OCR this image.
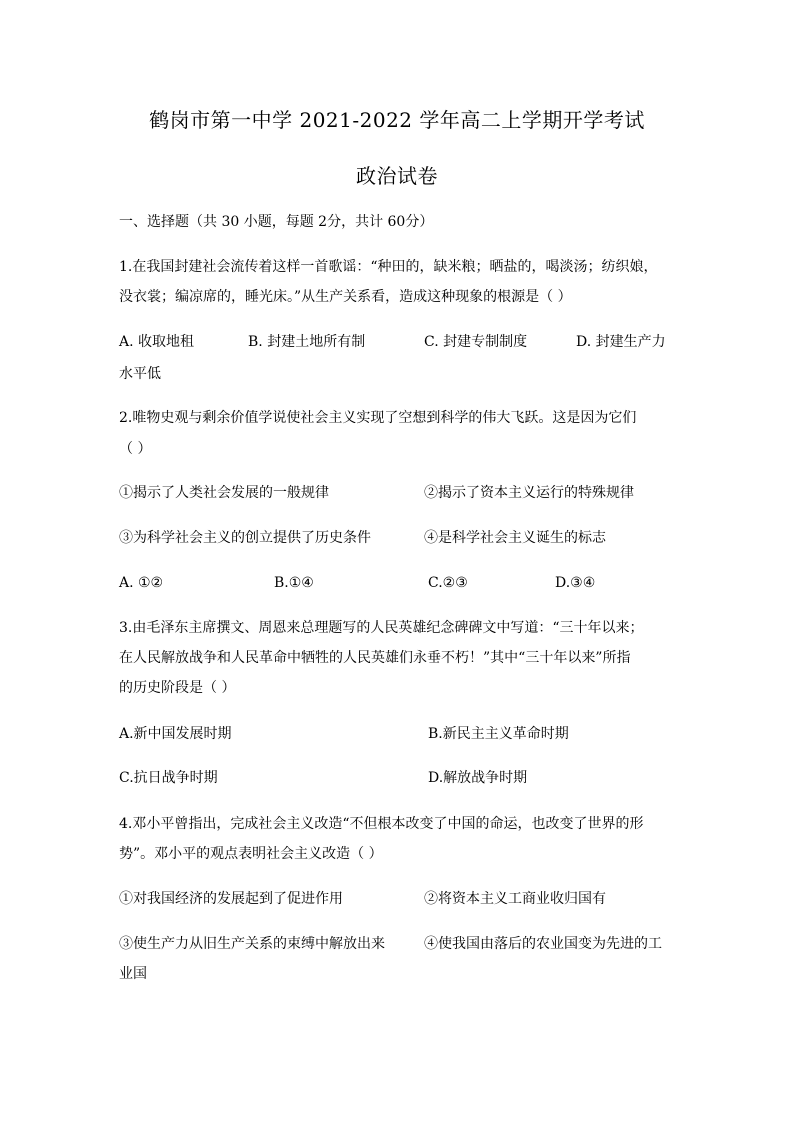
鹤岗市第一中学 2021-2022 学年高二上学期开学考试
政治试卷
一、选择题（共 30 小题，每题 2分，共计 60分）
1.在我国封建社会流传着这样一首歌谣：“种田的，缺米粮；晒盐的，喝淡汤；纺织娘，
没衣裳；编凉席的，睡光床。”从生产关系看，造成这种现象的根源是（ ）
A. 收取地租	B. 封建土地所有制	C. 封建专制制度	D. 封建生产力
水平低
2.唯物史观与剩余价值学说使社会主义实现了空想到科学的伟大飞跃。这是因为它们
（ ）
①揭示了人类社会发展的一般规律	②揭示了资本主义运行的特殊规律
③为科学社会主义的创立提供了历史条件	④是科学社会主义诞生的标志
A. ①②	B.①④	C.②③	D.③④
3.由毛泽东主席撰文、周恩来总理题写的人民英雄纪念碑碑文中写道：“三十年以来；
在人民解放战争和人民革命中牺牲的人民英雄们永垂不朽！”其中“三十年以来”所指
的历史阶段是（ ）
A.新中国发展时期	B.新民主主义革命时期
C.抗日战争时期	D.解放战争时期
4.邓小平曾指出，完成社会主义改造“不但根本改变了中国的命运，也改变了世界的形
势”。邓小平的观点表明社会主义改造（ ）
①对我国经济的发展起到了促进作用	②将资本主义工商业收归国有
③使生产力从旧生产关系的束缚中解放出来	④使我国由落后的农业国变为先进的工
业国
